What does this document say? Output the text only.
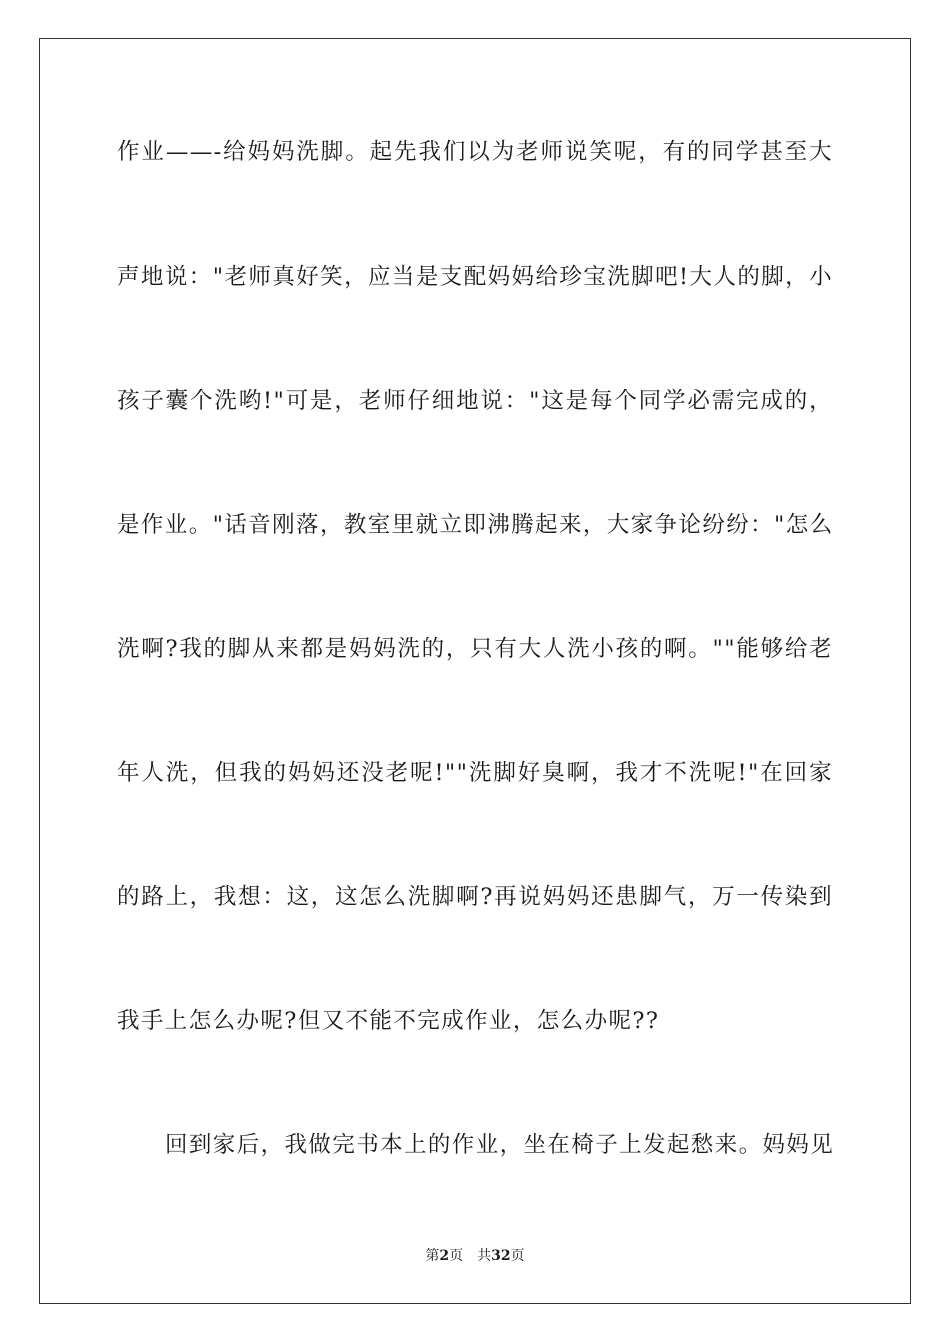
作业——-给妈妈洗脚。起先我们以为老师说笑呢，有的同学甚至大
声地说："老师真好笑，应当是支配妈妈给珍宝洗脚吧!大人的脚，小
孩子囊个洗哟!"可是，老师仔细地说："这是每个同学必需完成的，
是作业。"话音刚落，教室里就立即沸腾起来，大家争论纷纷："怎么
洗啊?我的脚从来都是妈妈洗的，只有大人洗小孩的啊。""能够给老
年人洗，但我的妈妈还没老呢!""洗脚好臭啊，我才不洗呢!"在回家
的路上，我想：这，这怎么洗脚啊?再说妈妈还患脚气，万一传染到
我手上怎么办呢?但又不能不完成作业，怎么办呢??
回到家后，我做完书本上的作业，坐在椅子上发起愁来。妈妈见
第2页 共32页
